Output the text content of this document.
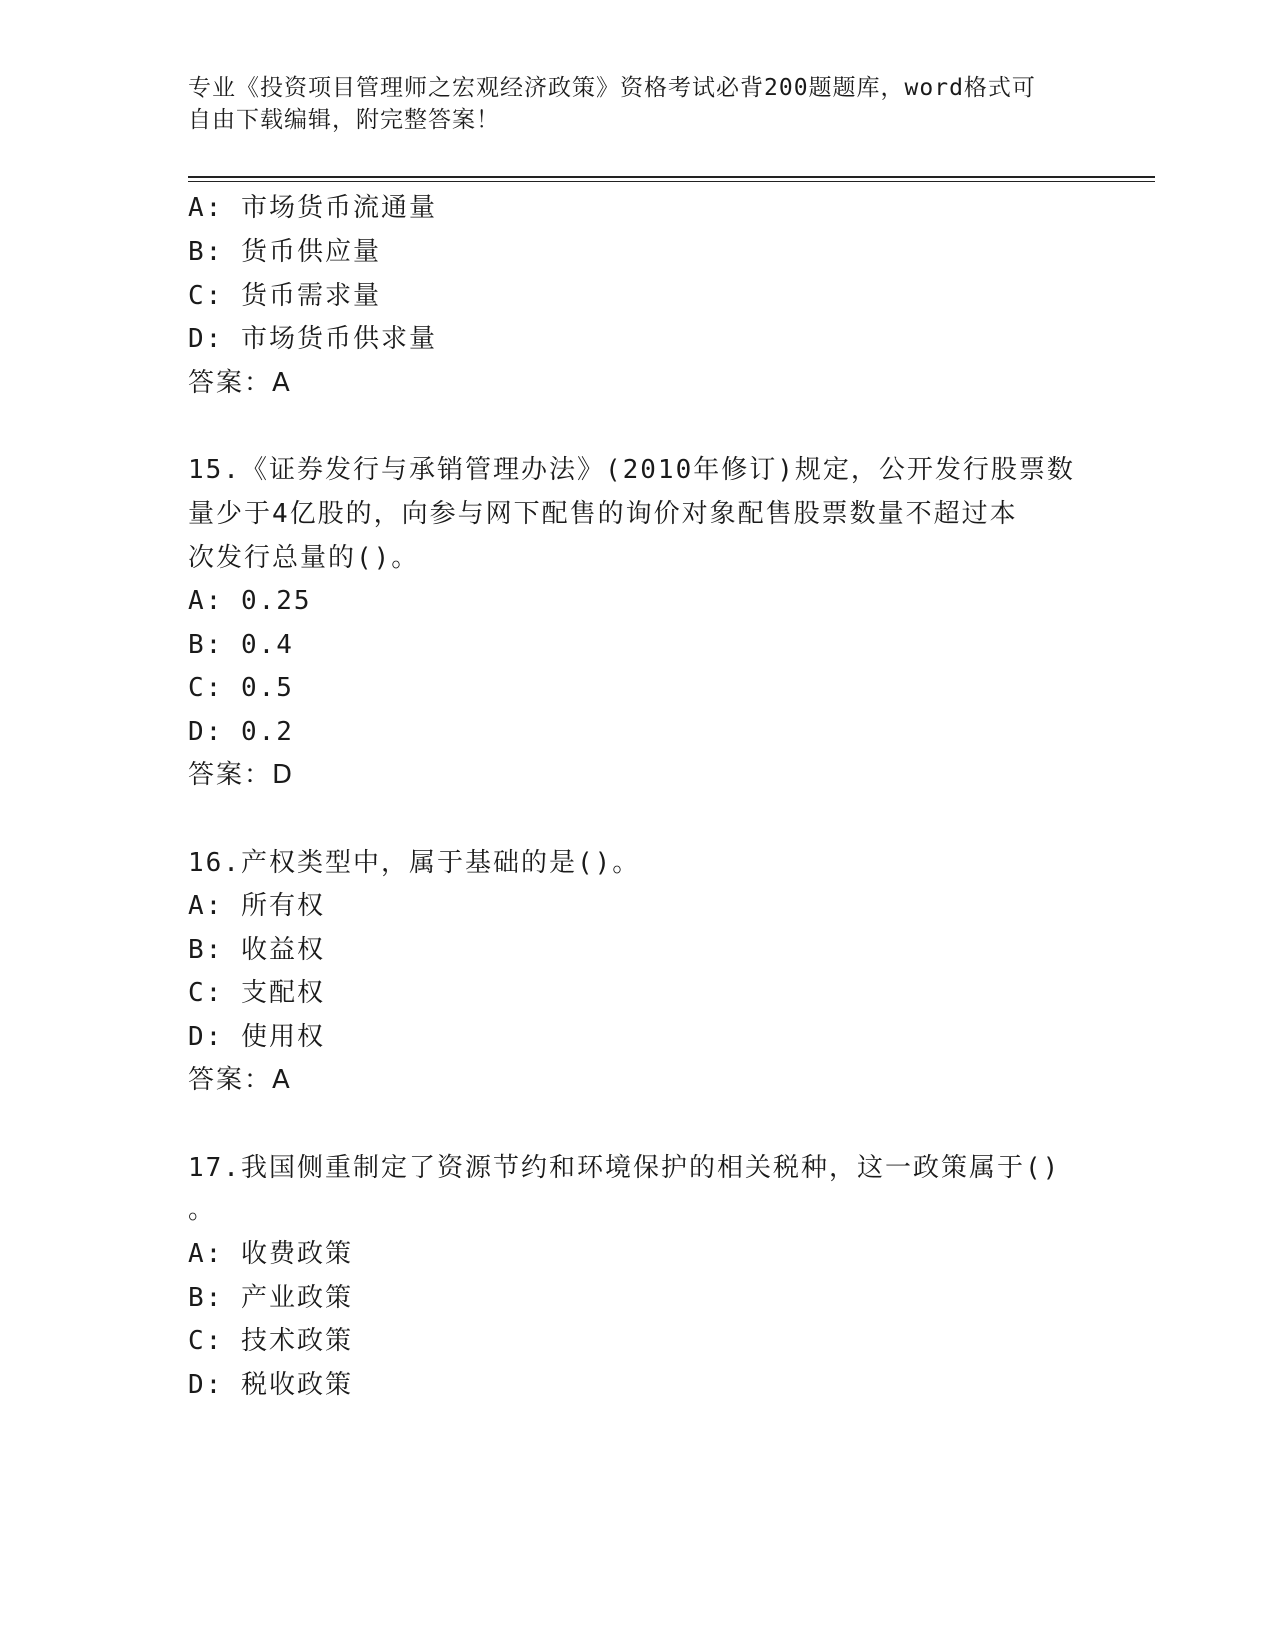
专业《投资项目管理师之宏观经济政策》资格考试必背200题题库，word格式可
自由下载编辑，附完整答案！
A: 市场货币流通量
B: 货币供应量
C: 货币需求量
D: 市场货币供求量
答案：A
15.《证券发行与承销管理办法》(2010年修订)规定，公开发行股票数
量少于4亿股的，向参与网下配售的询价对象配售股票数量不超过本
次发行总量的()。
A: 0.25
B: 0.4
C: 0.5
D: 0.2
答案：D
16.产权类型中，属于基础的是()。
A: 所有权
B: 收益权
C: 支配权
D: 使用权
答案：A
17.我国侧重制定了资源节约和环境保护的相关税种，这一政策属于()
。
A: 收费政策
B: 产业政策
C: 技术政策
D: 税收政策
